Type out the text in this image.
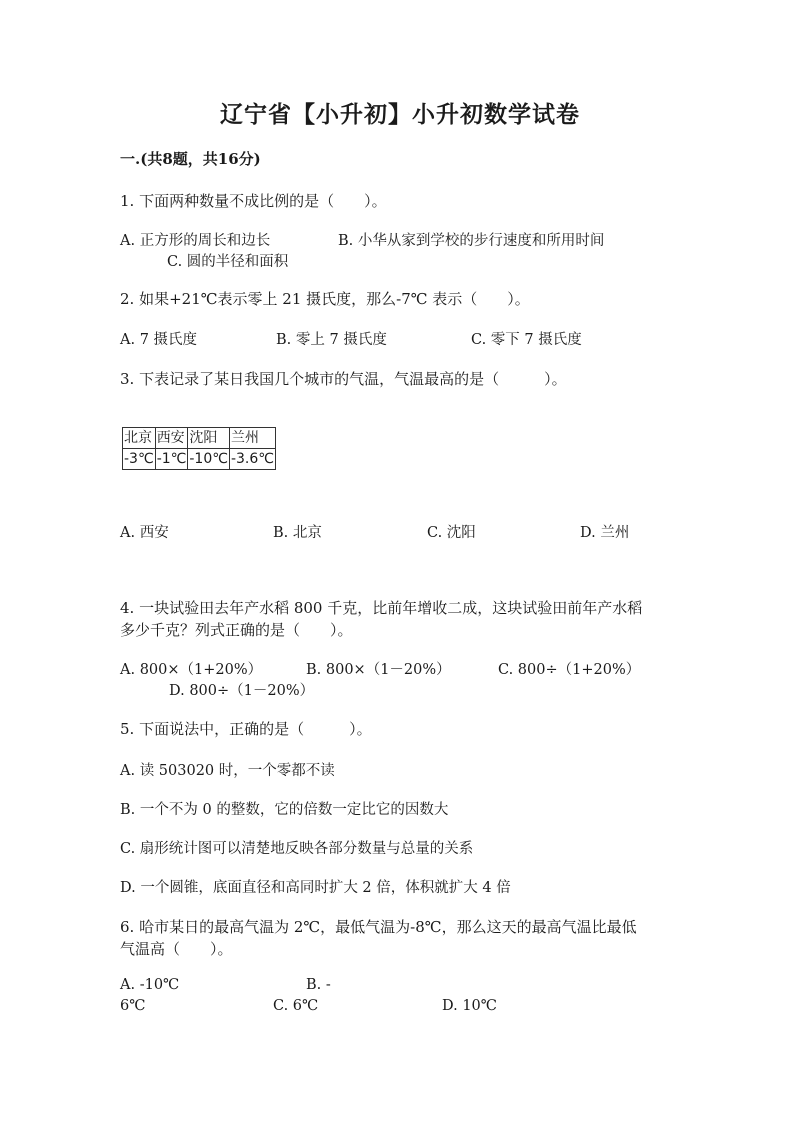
辽宁省【小升初】小升初数学试卷
一.(共8题，共16分)
1. 下面两种数量不成比例的是（　　）。
A. 正方形的周长和边长	B. 小华从家到学校的步行速度和所用时间
C. 圆的半径和面积
2. 如果+21℃表示零上 21 摄氏度，那么-7℃ 表示（　　）。
A. 7 摄氏度	B. 零上 7 摄氏度	C. 零下 7 摄氏度
3. 下表记录了某日我国几个城市的气温，气温最高的是（　　　）。
北京	西安	沈阳	兰州
-3℃	-1℃	-10℃	-3.6℃
A. 西安	B. 北京	C. 沈阳	D. 兰州
4. 一块试验田去年产水稻 800 千克，比前年增收二成，这块试验田前年产水稻
多少千克？列式正确的是（　　）。
A. 800×（1+20%）	B. 800×（1－20%）	C. 800÷（1+20%）
D. 800÷（1－20%）
5. 下面说法中，正确的是（　　　）。
A. 读 503020 时，一个零都不读
B. 一个不为 0 的整数，它的倍数一定比它的因数大
C. 扇形统计图可以清楚地反映各部分数量与总量的关系
D. 一个圆锥，底面直径和高同时扩大 2 倍，体积就扩大 4 倍
6. 哈市某日的最高气温为 2℃，最低气温为-8℃，那么这天的最高气温比最低
气温高（　　）。
A. -10℃	B. -
6℃	C. 6℃	D. 10℃
